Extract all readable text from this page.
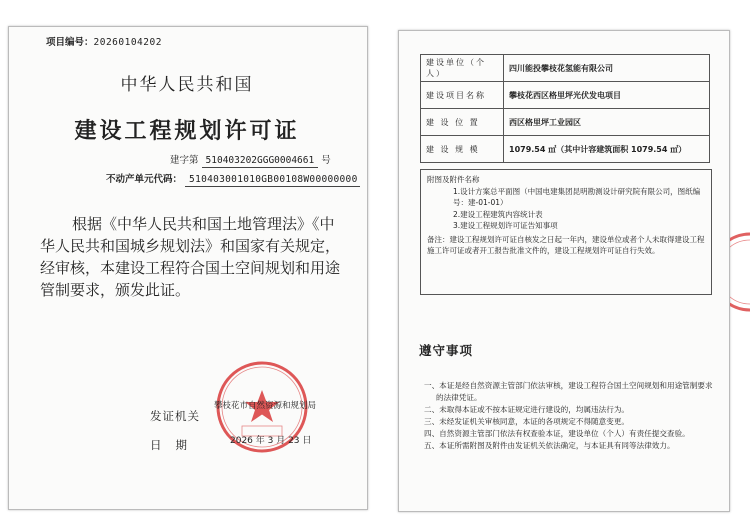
项目编号：20260104202
中华人民共和国
建设工程规划许可证
建字第 510403202GGG0004661 号
不动产单元代码： 510403001010GB00108W00000000
根据《中华人民共和国土地管理法》《中华人民共和国城乡规划法》和国家有关规定，经审核，本建设工程符合国土空间规划和用途管制要求，颁发此证。
发证机关
日期
攀枝花市自然资源和规划局
2026 年 3 月 23 日
建设单位（个人）	四川能投攀枝花氢能有限公司
建设项目名称	攀枝花西区格里坪光伏发电项目
建 设 位 置	西区格里坪工业园区
建 设 规 模	1079.54 ㎡（其中计容建筑面积 1079.54 ㎡）
附图及附件名称
1.设计方案总平面图（中国电建集团昆明勘测设计研究院有限公司，图纸编号：建-01-01）
2.建设工程建筑内容统计表
3.建设工程规划许可证告知事项
备注：建设工程规划许可证自核发之日起一年内，建设单位或者个人未取得建设工程施工许可证或者开工报告批准文件的，建设工程规划许可证自行失效。
遵守事项
一、本证是经自然资源主管部门依法审核，建设工程符合国土空间规划和用途管制要求的法律凭证。
二、未取得本证或不按本证规定进行建设的，均属违法行为。
三、未经发证机关审核同意，本证的各项规定不得随意变更。
四、自然资源主管部门依法有权查验本证，建设单位（个人）有责任提交查验。
五、本证所需附图及附件由发证机关依法确定，与本证具有同等法律效力。
